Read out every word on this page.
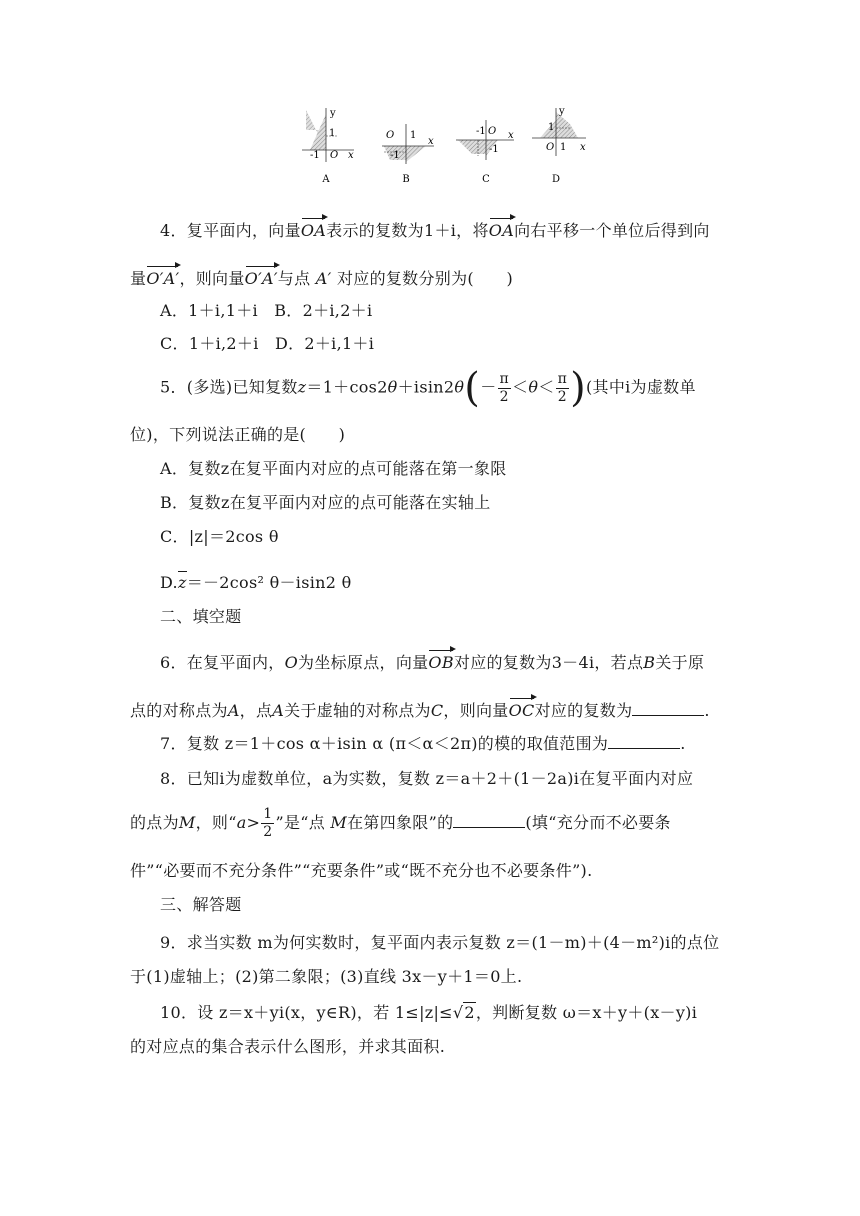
y
1
-1 O x
A
O 1
-1
x
B
-1 O
-1
x
C
y
1
O 1 x
D
4．复平面内，向量OA表示的复数为1＋i，将OA向右平移一个单位后得到向
量O′A′，则向量O′A′与点 A′ 对应的复数分别为(　　)
A．1＋i,1＋i　 B．2＋i,2＋i
C．1＋i,2＋i　 D．2＋i,1＋i
5．(多选)已知复数$z=1+\cos 2\theta+isin2\theta(- \frac{\pi}{2} <\theta< \frac{\pi}{2}$ )(其中i为虚数单
位)，下列说法正确的是(　　)
A．复数z在复平面内对应的点可能落在第一象限
B．复数z在复平面内对应的点可能落在实轴上
C．|z|＝2cos θ
D.z＝－2cos² θ－isin2 θ
二、填空题
6．在复平面内，O为坐标原点，向量OB对应的复数为3－4i，若点B关于原
点的对称点为A，点A关于虚轴的对称点为C，则向量OC对应的复数为	.
7．复数 z＝1＋cos α＋isin α (π＜α＜2π)的模的取值范围为	.
8．已知i为虚数单位，a为实数，复数 z＝a＋2＋(1－2a)i在复平面内对应
的点为M，则“$a> \frac{1}{2}$ ”是“点 M在第四象限”的	(填“充分而不必要条
件”“必要而不充分条件”“充要条件”或“既不充分也不必要条件”).
三、解答题
9．求当实数 m为何实数时，复平面内表示复数 z＝(1－m)＋(4－m²)i的点位
于(1)虚轴上；(2)第二象限；(3)直线 3x－y＋1＝0上.
10．设 z＝x＋yi(x，y∈R)，若 1≤|z|≤√2，判断复数 ω＝x＋y＋(x－y)i
的对应点的集合表示什么图形，并求其面积.
